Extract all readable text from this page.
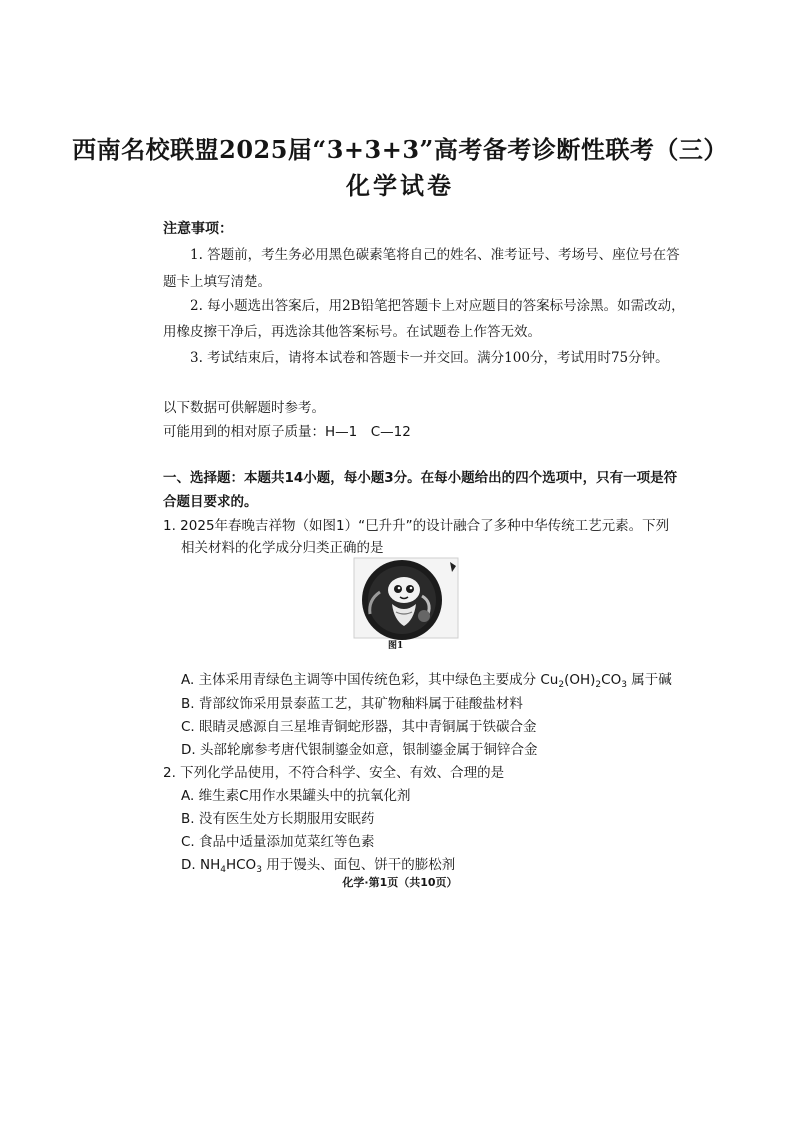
西南名校联盟2025届“3+3+3”高考备考诊断性联考（三）
化学试卷
注意事项：
1. 答题前，考生务必用黑色碳素笔将自己的姓名、准考证号、考场号、座位号在答
题卡上填写清楚。
2. 每小题选出答案后，用2B铅笔把答题卡上对应题目的答案标号涂黑。如需改动，
用橡皮擦干净后，再选涂其他答案标号。在试题卷上作答无效。
3. 考试结束后，请将本试卷和答题卡一并交回。满分100分，考试用时75分钟。
以下数据可供解题时参考。
可能用到的相对原子质量：H—1　C—12
一、选择题：本题共14小题，每小题3分。在每小题给出的四个选项中，只有一项是符
合题目要求的。
1. 2025年春晚吉祥物（如图1）“巳升升”的设计融合了多种中华传统工艺元素。下列
相关材料的化学成分归类正确的是
图1
A. 主体采用青绿色主调等中国传统色彩，其中绿色主要成分 $Cu_2(OH)_2CO_3$ 属于碱
B. 背部纹饰采用景泰蓝工艺，其矿物釉料属于硅酸盐材料
C. 眼睛灵感源自三星堆青铜蛇形器，其中青铜属于铁碳合金
D. 头部轮廓参考唐代银制鎏金如意，银制鎏金属于铜锌合金
2. 下列化学品使用，不符合科学、安全、有效、合理的是
A. 维生素C用作水果罐头中的抗氧化剂
B. 没有医生处方长期服用安眠药
C. 食品中适量添加苋菜红等色素
D. $NH_4HCO_3$ 用于馒头、面包、饼干的膨松剂
化学·第1页（共10页）
